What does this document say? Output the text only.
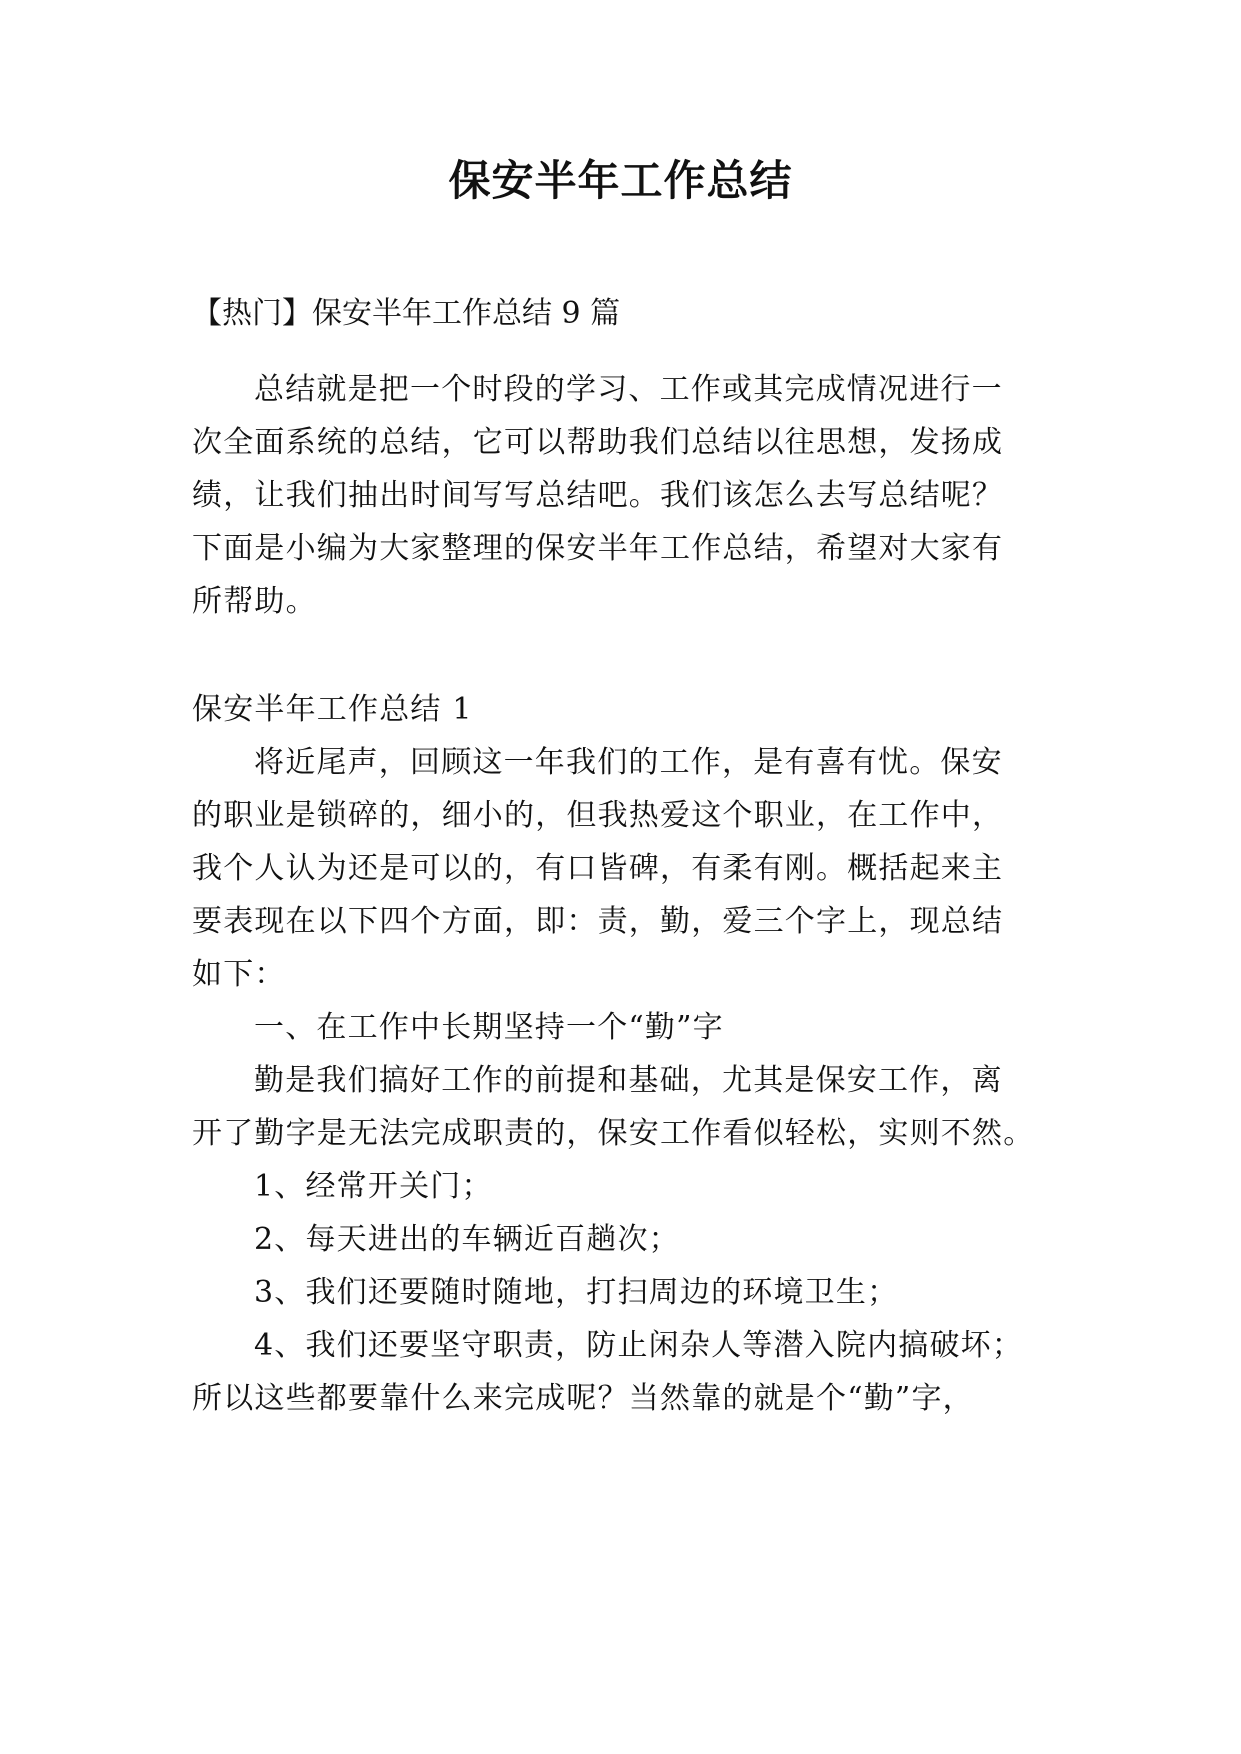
保安半年工作总结
【热门】保安半年工作总结 9 篇
总结就是把一个时段的学习、工作或其完成情况进行一
次全面系统的总结，它可以帮助我们总结以往思想，发扬成
绩，让我们抽出时间写写总结吧。我们该怎么去写总结呢？
下面是小编为大家整理的保安半年工作总结，希望对大家有
所帮助。
保安半年工作总结 1
将近尾声，回顾这一年我们的工作，是有喜有忧。保安
的职业是锁碎的，细小的，但我热爱这个职业，在工作中，
我个人认为还是可以的，有口皆碑，有柔有刚。概括起来主
要表现在以下四个方面，即：责，勤，爱三个字上，现总结
如下：
一、在工作中长期坚持一个“勤”字
勤是我们搞好工作的前提和基础，尤其是保安工作，离
开了勤字是无法完成职责的，保安工作看似轻松，实则不然。
1、经常开关门；
2、每天进出的车辆近百趟次；
3、我们还要随时随地，打扫周边的环境卫生；
4、我们还要坚守职责，防止闲杂人等潜入院内搞破坏；
所以这些都要靠什么来完成呢？当然靠的就是个“勤”字，
